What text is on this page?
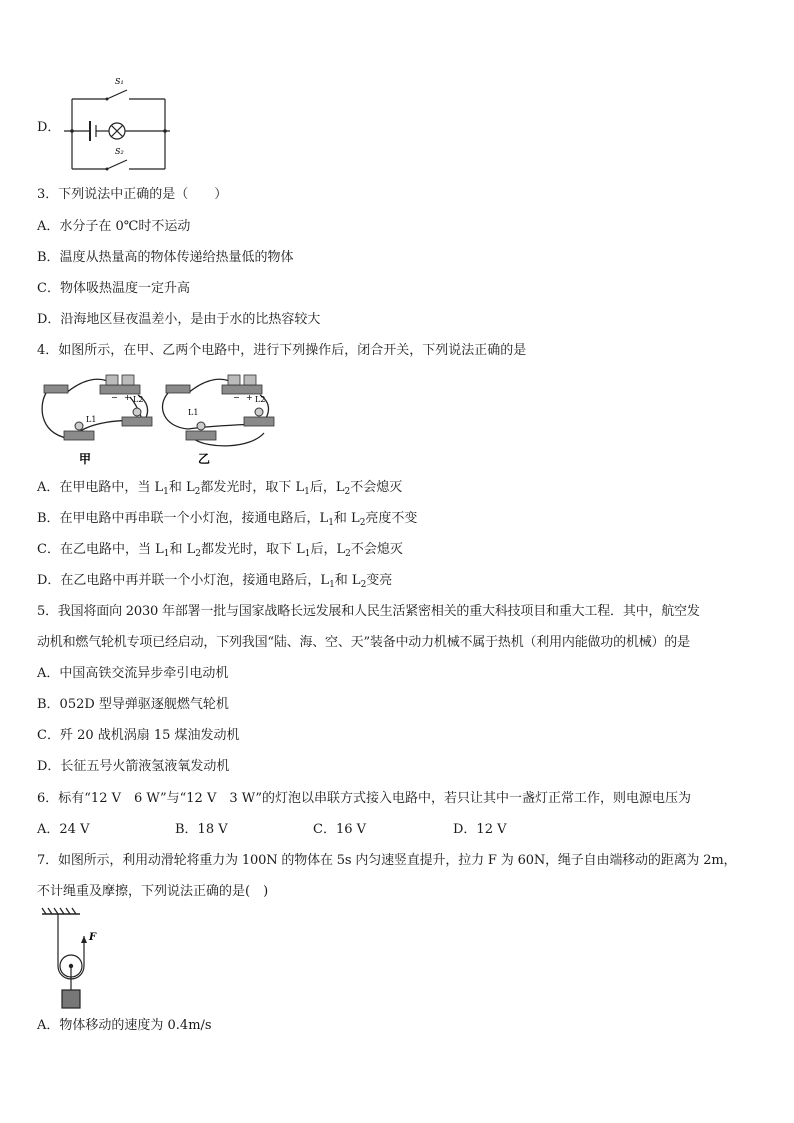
D．
S₁
S₂
3．下列说法中正确的是（　　）
A．水分子在 0℃时不运动
B．温度从热量高的物体传递给热量低的物体
C．物体吸热温度一定升高
D．沿海地区昼夜温差小，是由于水的比热容较大
4．如图所示，在甲、乙两个电路中，进行下列操作后，闭合开关，下列说法正确的是
− +
L1
L2
甲
− +
L1
L2
乙
A．在甲电路中，当 $L_1$和 $L_2$都发光时，取下 $L_1$后，$L_2$不会熄灭
B．在甲电路中再串联一个小灯泡，接通电路后，$L_1$和 $L_2$亮度不变
C．在乙电路中，当 $L_1$和 $L_2$都发光时，取下 $L_1$后，$L_2$不会熄灭
D．在乙电路中再并联一个小灯泡，接通电路后，$L_1$和 $L_2$变亮
5．我国将面向 2030 年部署一批与国家战略长远发展和人民生活紧密相关的重大科技项目和重大工程．其中，航空发
动机和燃气轮机专项已经启动，下列我国“陆、海、空、天”装备中动力机械不属于热机（利用内能做功的机械）的是
A．中国高铁交流异步牵引电动机
B．052D 型导弹驱逐舰燃气轮机
C．歼 20 战机涡扇 15 煤油发动机
D．长征五号火箭液氢液氧发动机
6．标有“12 V　6 W”与“12 V　3 W”的灯泡以串联方式接入电路中，若只让其中一盏灯正常工作，则电源电压为
A．24 V	B．18 V	C．16 V	D．12 V
7．如图所示，利用动滑轮将重力为 100N 的物体在 5s 内匀速竖直提升，拉力 F 为 60N，绳子自由端移动的距离为 2m，
不计绳重及摩擦，下列说法正确的是(　)
F
A．物体移动的速度为 0.4m/s
